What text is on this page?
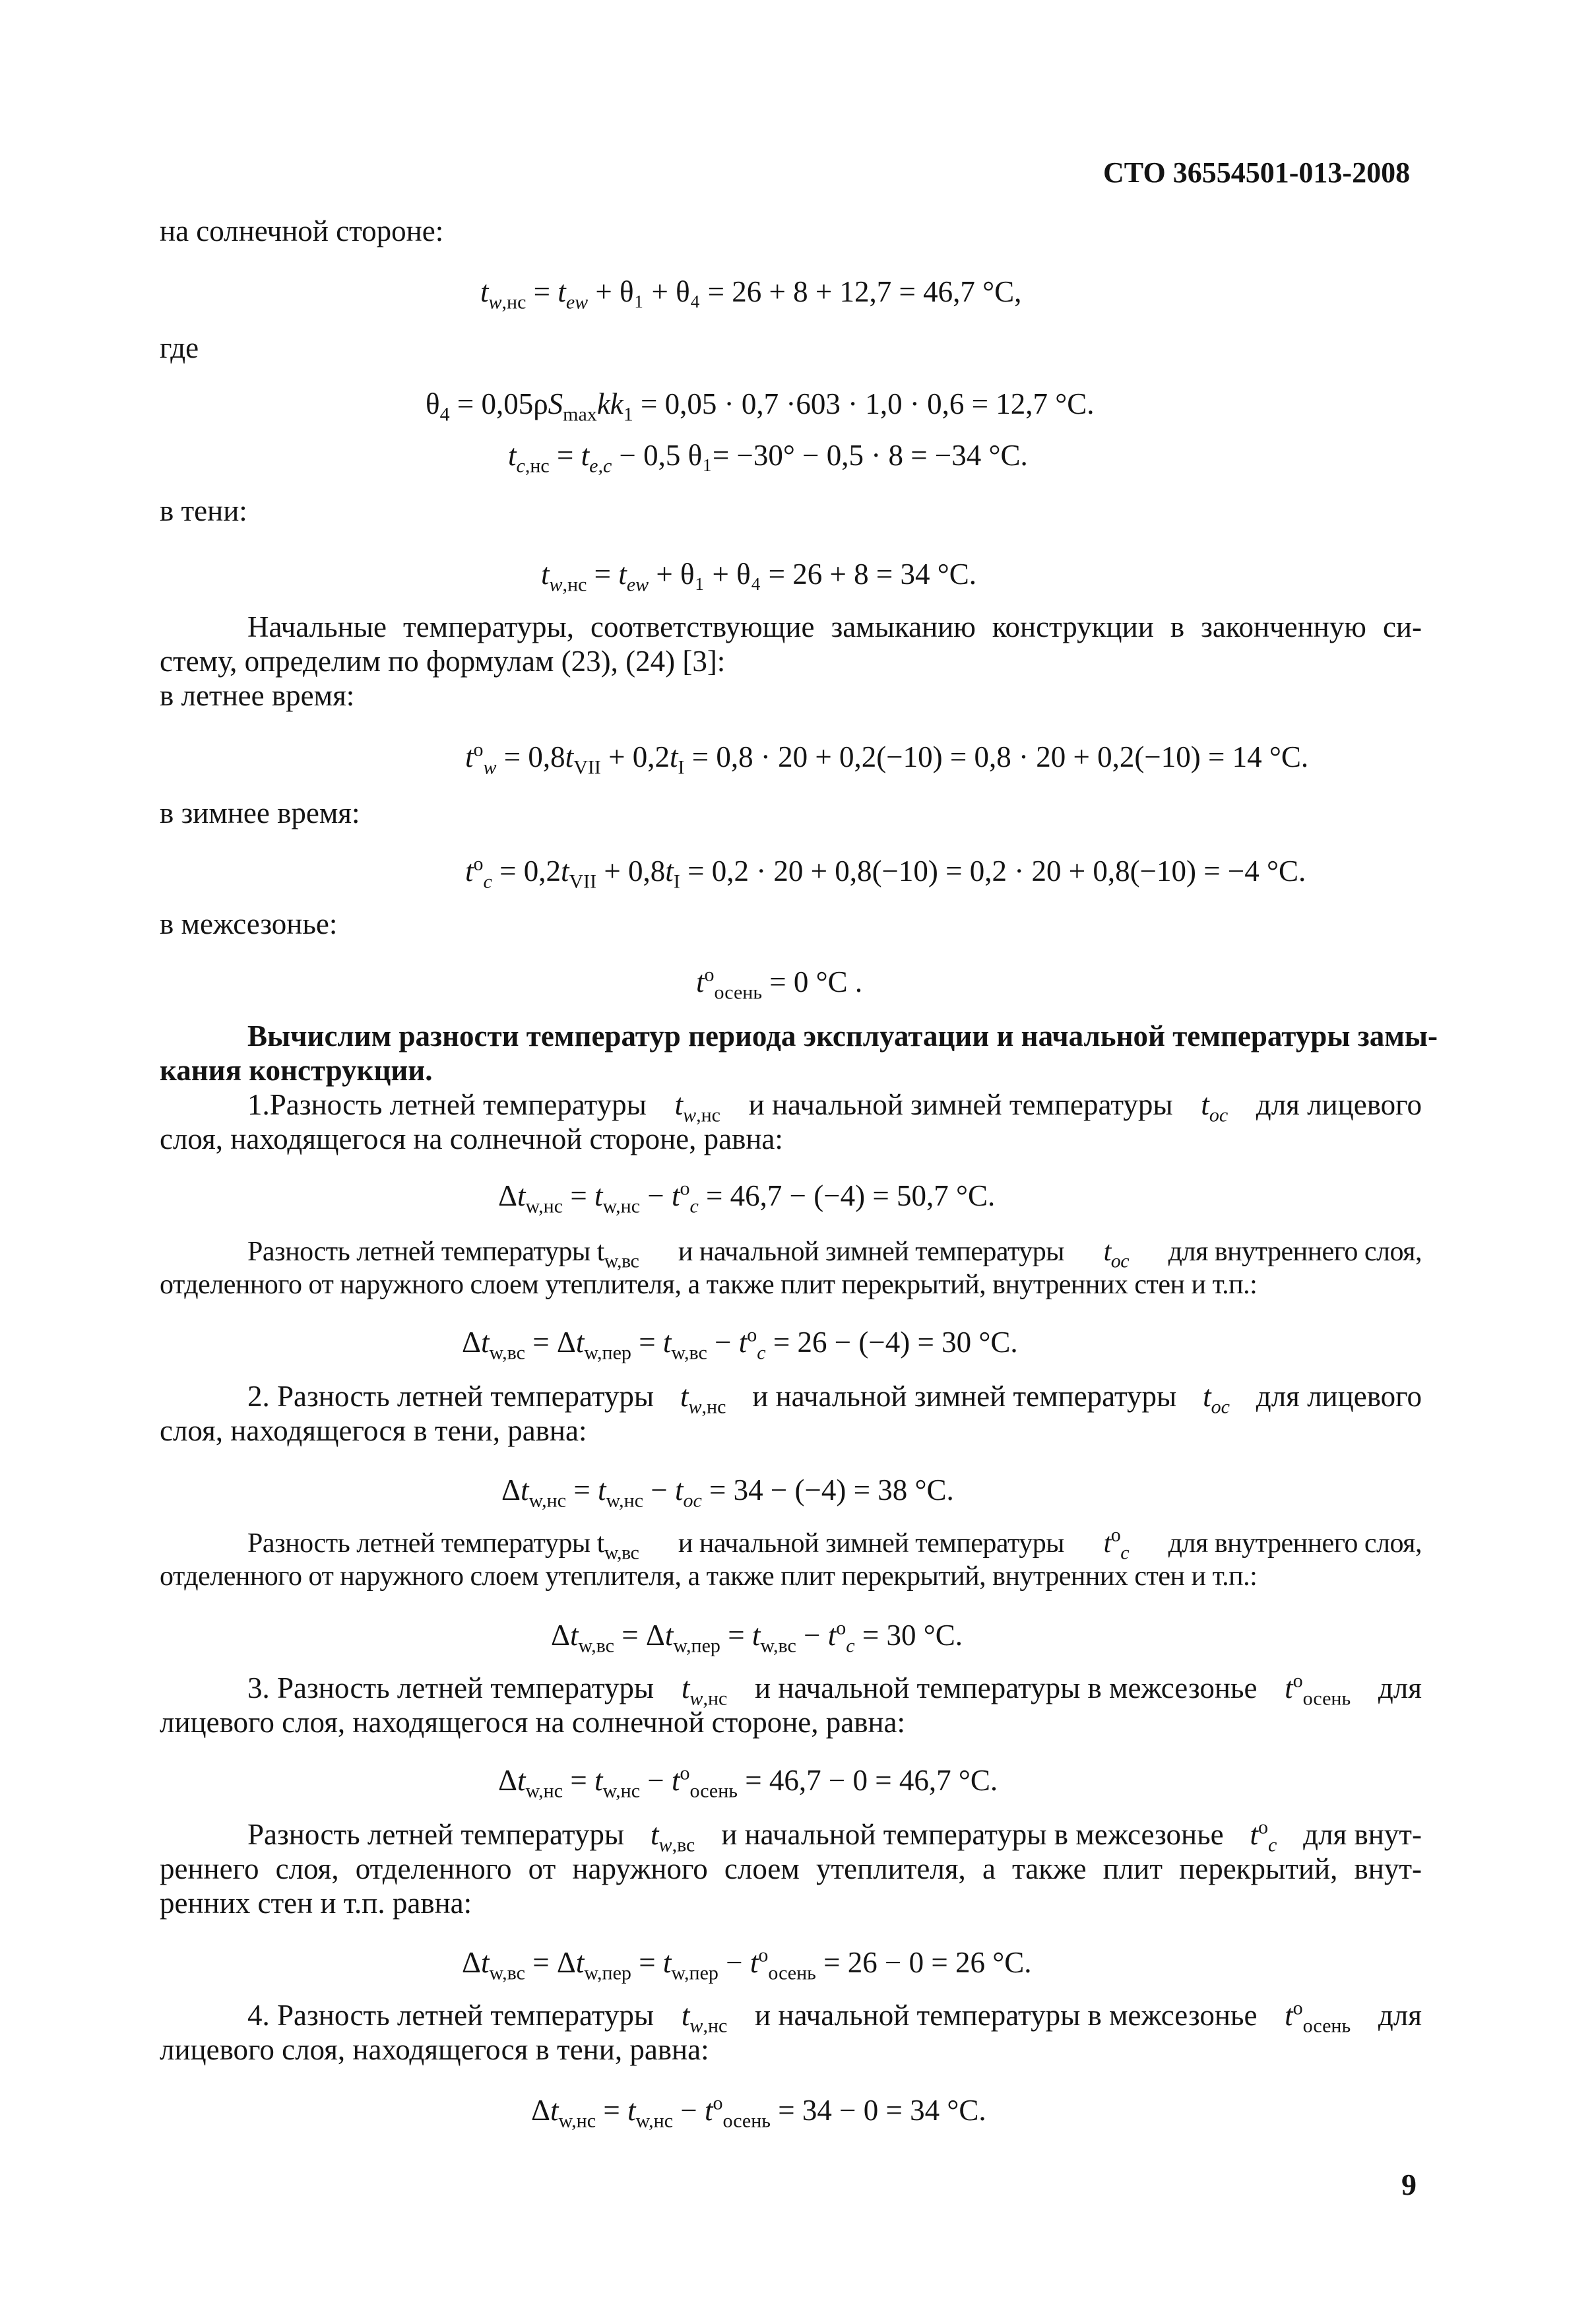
СТО 36554501-013-2008
на солнечной стороне:
$t_{w,нс} = t_{ew} + \theta_1 + \theta_4 = 26 + 8 + 12,7 = 46,7$ °C,
где
$\theta_4 = 0,05\rho S_{max}kk_1 = 0,05 \cdot 0,7 \cdot 603 \cdot 1,0 \cdot 0,6 = 12,7$ °C.
$t_{c,нс} = t_{e,c} - 0,5$ θ₁= −30° − 0,5 · 8 = −34 °C.
в тени:
$t_{w,нс} = t_{ew} + \theta_1 + \theta_4 = 26 + 8 = 34$ °C.
Начальные температуры, соответствующие замыканию конструкции в законченную си-
стему, определим по формулам (23), (24) [3]:
в летнее время:
$t^o_w = 0,8t_{VII} + 0,2t_I = 0,8 \cdot 20 + 0,2(-10) = 0,8 \cdot 20 + 0,2(-10) = 14$ °C.
в зимнее время:
$t^o_c = 0,2t_{VII} + 0,8t_I = 0,2 \cdot 20 + 0,8(-10) = 0,2 \cdot 20 + 0,8(-10) = -4$ °C.
в межсезонье:
$t^o_{осень} = 0$ °C .
Вычислим разности температур периода эксплуатации и начальной температуры замы-
кания конструкции.
1.Разность летней температуры $t_{w,нс}$ и начальной зимней температуры $t_{oc}$ для лицевого
слоя, находящегося на солнечной стороне, равна:
$\Delta t_{w,нс} = t_{w,нс} - t^o_c = 46,7 - (-4) = 50,7$ °C.
Разность летней температуры $t_{w,вс}$ и начальной зимней температуры $t_{oc}$ для внутреннего слоя,
отделенного от наружного слоем утеплителя, а также плит перекрытий, внутренних стен и т.п.:
$\Delta t_{w,вс} = \Delta t_{w,пер} = t_{w,вс} - t^o_c = 26 - (-4) = 30$ °C.
2. Разность летней температуры $t_{w,нс}$ и начальной зимней температуры $t_{oc}$ для лицевого
слоя, находящегося в тени, равна:
$\Delta t_{w,нс} = t_{w,нс} - t_{oc} = 34 - (-4) = 38$ °C.
Разность летней температуры $t_{w,вс}$ и начальной зимней температуры $t^o_c$ для внутреннего слоя,
отделенного от наружного слоем утеплителя, а также плит перекрытий, внутренних стен и т.п.:
$\Delta t_{w,вс} = \Delta t_{w,пер} = t_{w,вс} - t^o_c = 30$ °C.
3. Разность летней температуры $t_{w,нс}$ и начальной температуры в межсезонье $t^o_{осень}$ для
лицевого слоя, находящегося на солнечной стороне, равна:
$\Delta t_{w,нс} = t_{w,нс} - t^o_{осень} = 46,7 - 0 = 46,7$ °C.
Разность летней температуры $t_{w,вс}$ и начальной температуры в межсезонье $t^o_c$ для внут-
реннего слоя, отделенного от наружного слоем утеплителя, а также плит перекрытий, внут-
ренних стен и т.п. равна:
$\Delta t_{w,вс} = \Delta t_{w,пер} = t_{w,пер} - t^o_{осень} = 26 - 0 = 26$ °C.
4. Разность летней температуры $t_{w,нс}$ и начальной температуры в межсезонье $t^o_{осень}$ для
лицевого слоя, находящегося в тени, равна:
$\Delta t_{w,нс} = t_{w,нс} - t^o_{осень} = 34 - 0 = 34$ °C.
9
